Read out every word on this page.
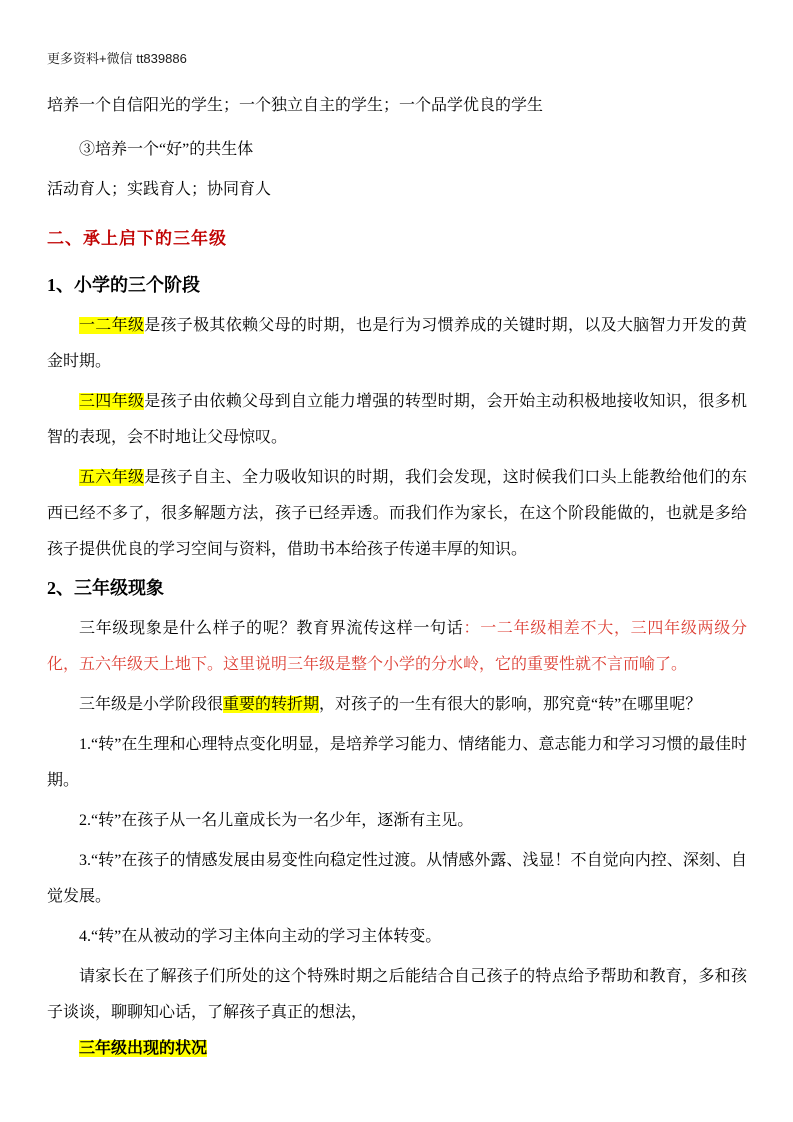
更多资料+微信 tt839886

培养一个自信阳光的学生；一个独立自主的学生；一个品学优良的学生

③培养一个“好”的共生体

活动育人；实践育人；协同育人

二、承上启下的三年级
1、小学的三个阶段

一二年级是孩子极其依赖父母的时期，也是行为习惯养成的关键时期，以及大脑智力开发的黄金时期。

三四年级是孩子由依赖父母到自立能力增强的转型时期，会开始主动积极地接收知识，很多机智的表现，会不时地让父母惊叹。

五六年级是孩子自主、全力吸收知识的时期，我们会发现，这时候我们口头上能教给他们的东西已经不多了，很多解题方法，孩子已经弄透。而我们作为家长，在这个阶段能做的，也就是多给孩子提供优良的学习空间与资料，借助书本给孩子传递丰厚的知识。

2、三年级现象

三年级现象是什么样子的呢？教育界流传这样一句话：一二年级相差不大，三四年级两级分化，五六年级天上地下。这里说明三年级是整个小学的分水岭，它的重要性就不言而喻了。

三年级是小学阶段很重要的转折期，对孩子的一生有很大的影响，那究竟“转”在哪里呢？

1.“转”在生理和心理特点变化明显，是培养学习能力、情绪能力、意志能力和学习习惯的最佳时期。

2.“转”在孩子从一名儿童成长为一名少年，逐渐有主见。

3.“转”在孩子的情感发展由易变性向稳定性过渡。从情感外露、浅显！不自觉向内控、深刻、自觉发展。

4.“转”在从被动的学习主体向主动的学习主体转变。

请家长在了解孩子们所处的这个特殊时期之后能结合自己孩子的特点给予帮助和教育，多和孩子谈谈，聊聊知心话，了解孩子真正的想法，

三年级出现的状况
